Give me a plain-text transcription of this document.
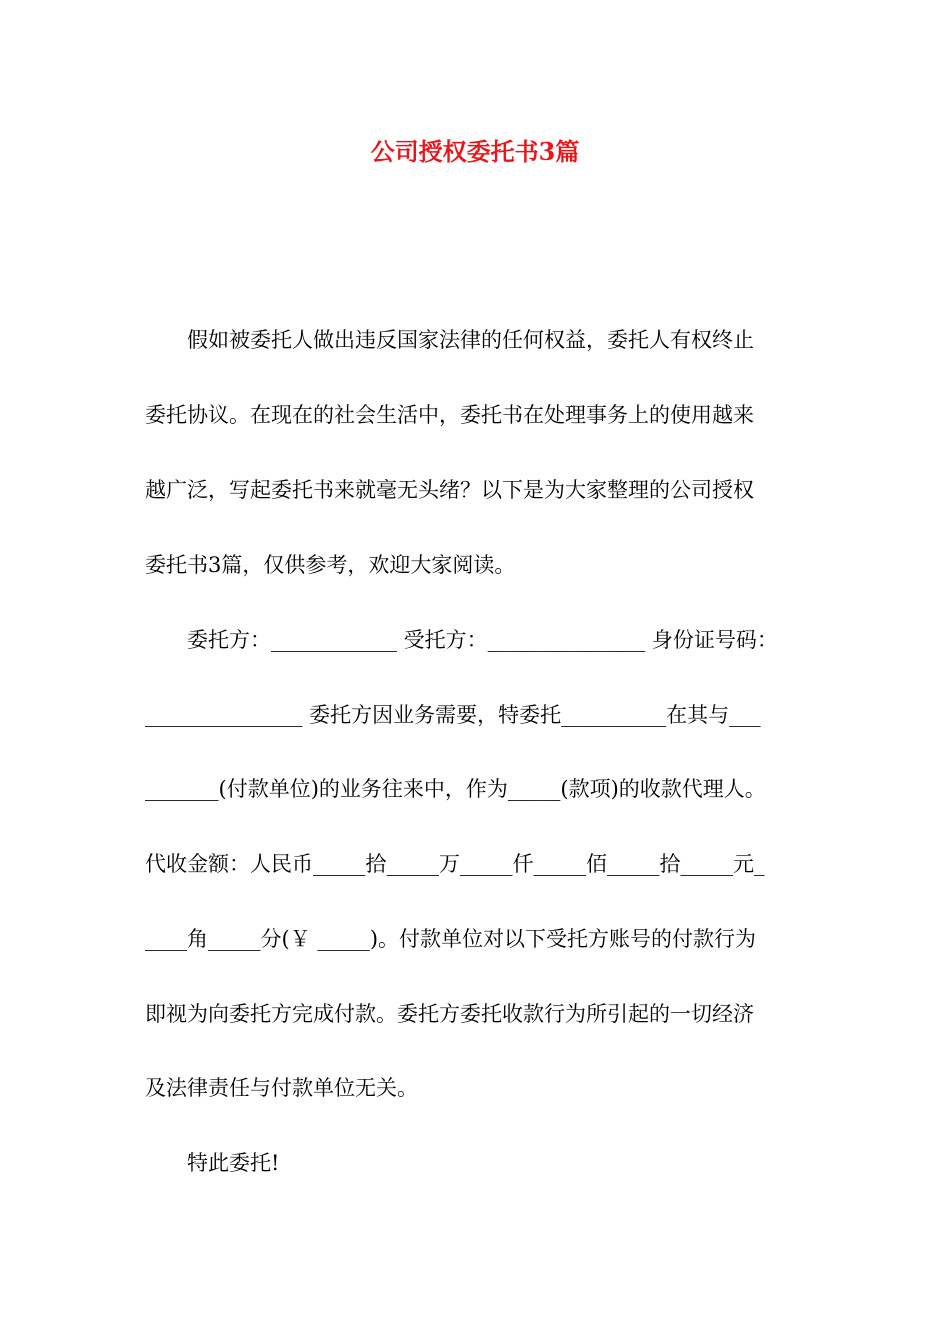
公司授权委托书3篇
假如被委托人做出违反国家法律的任何权益，委托人有权终止
委托协议。在现在的社会生活中，委托书在处理事务上的使用越来
越广泛，写起委托书来就毫无头绪？以下是为大家整理的公司授权
委托书3篇，仅供参考，欢迎大家阅读。
委托方：____________ 受托方：_______________ 身份证号码：
_______________ 委托方因业务需要，特委托__________在其与___
_______(付款单位)的业务往来中，作为_____(款项)的收款代理人。
代收金额：人民币_____拾_____万_____仟_____佰_____拾_____元_
____角_____分(￥ _____)。付款单位对以下受托方账号的付款行为
即视为向委托方完成付款。委托方委托收款行为所引起的一切经济
及法律责任与付款单位无关。
特此委托!
